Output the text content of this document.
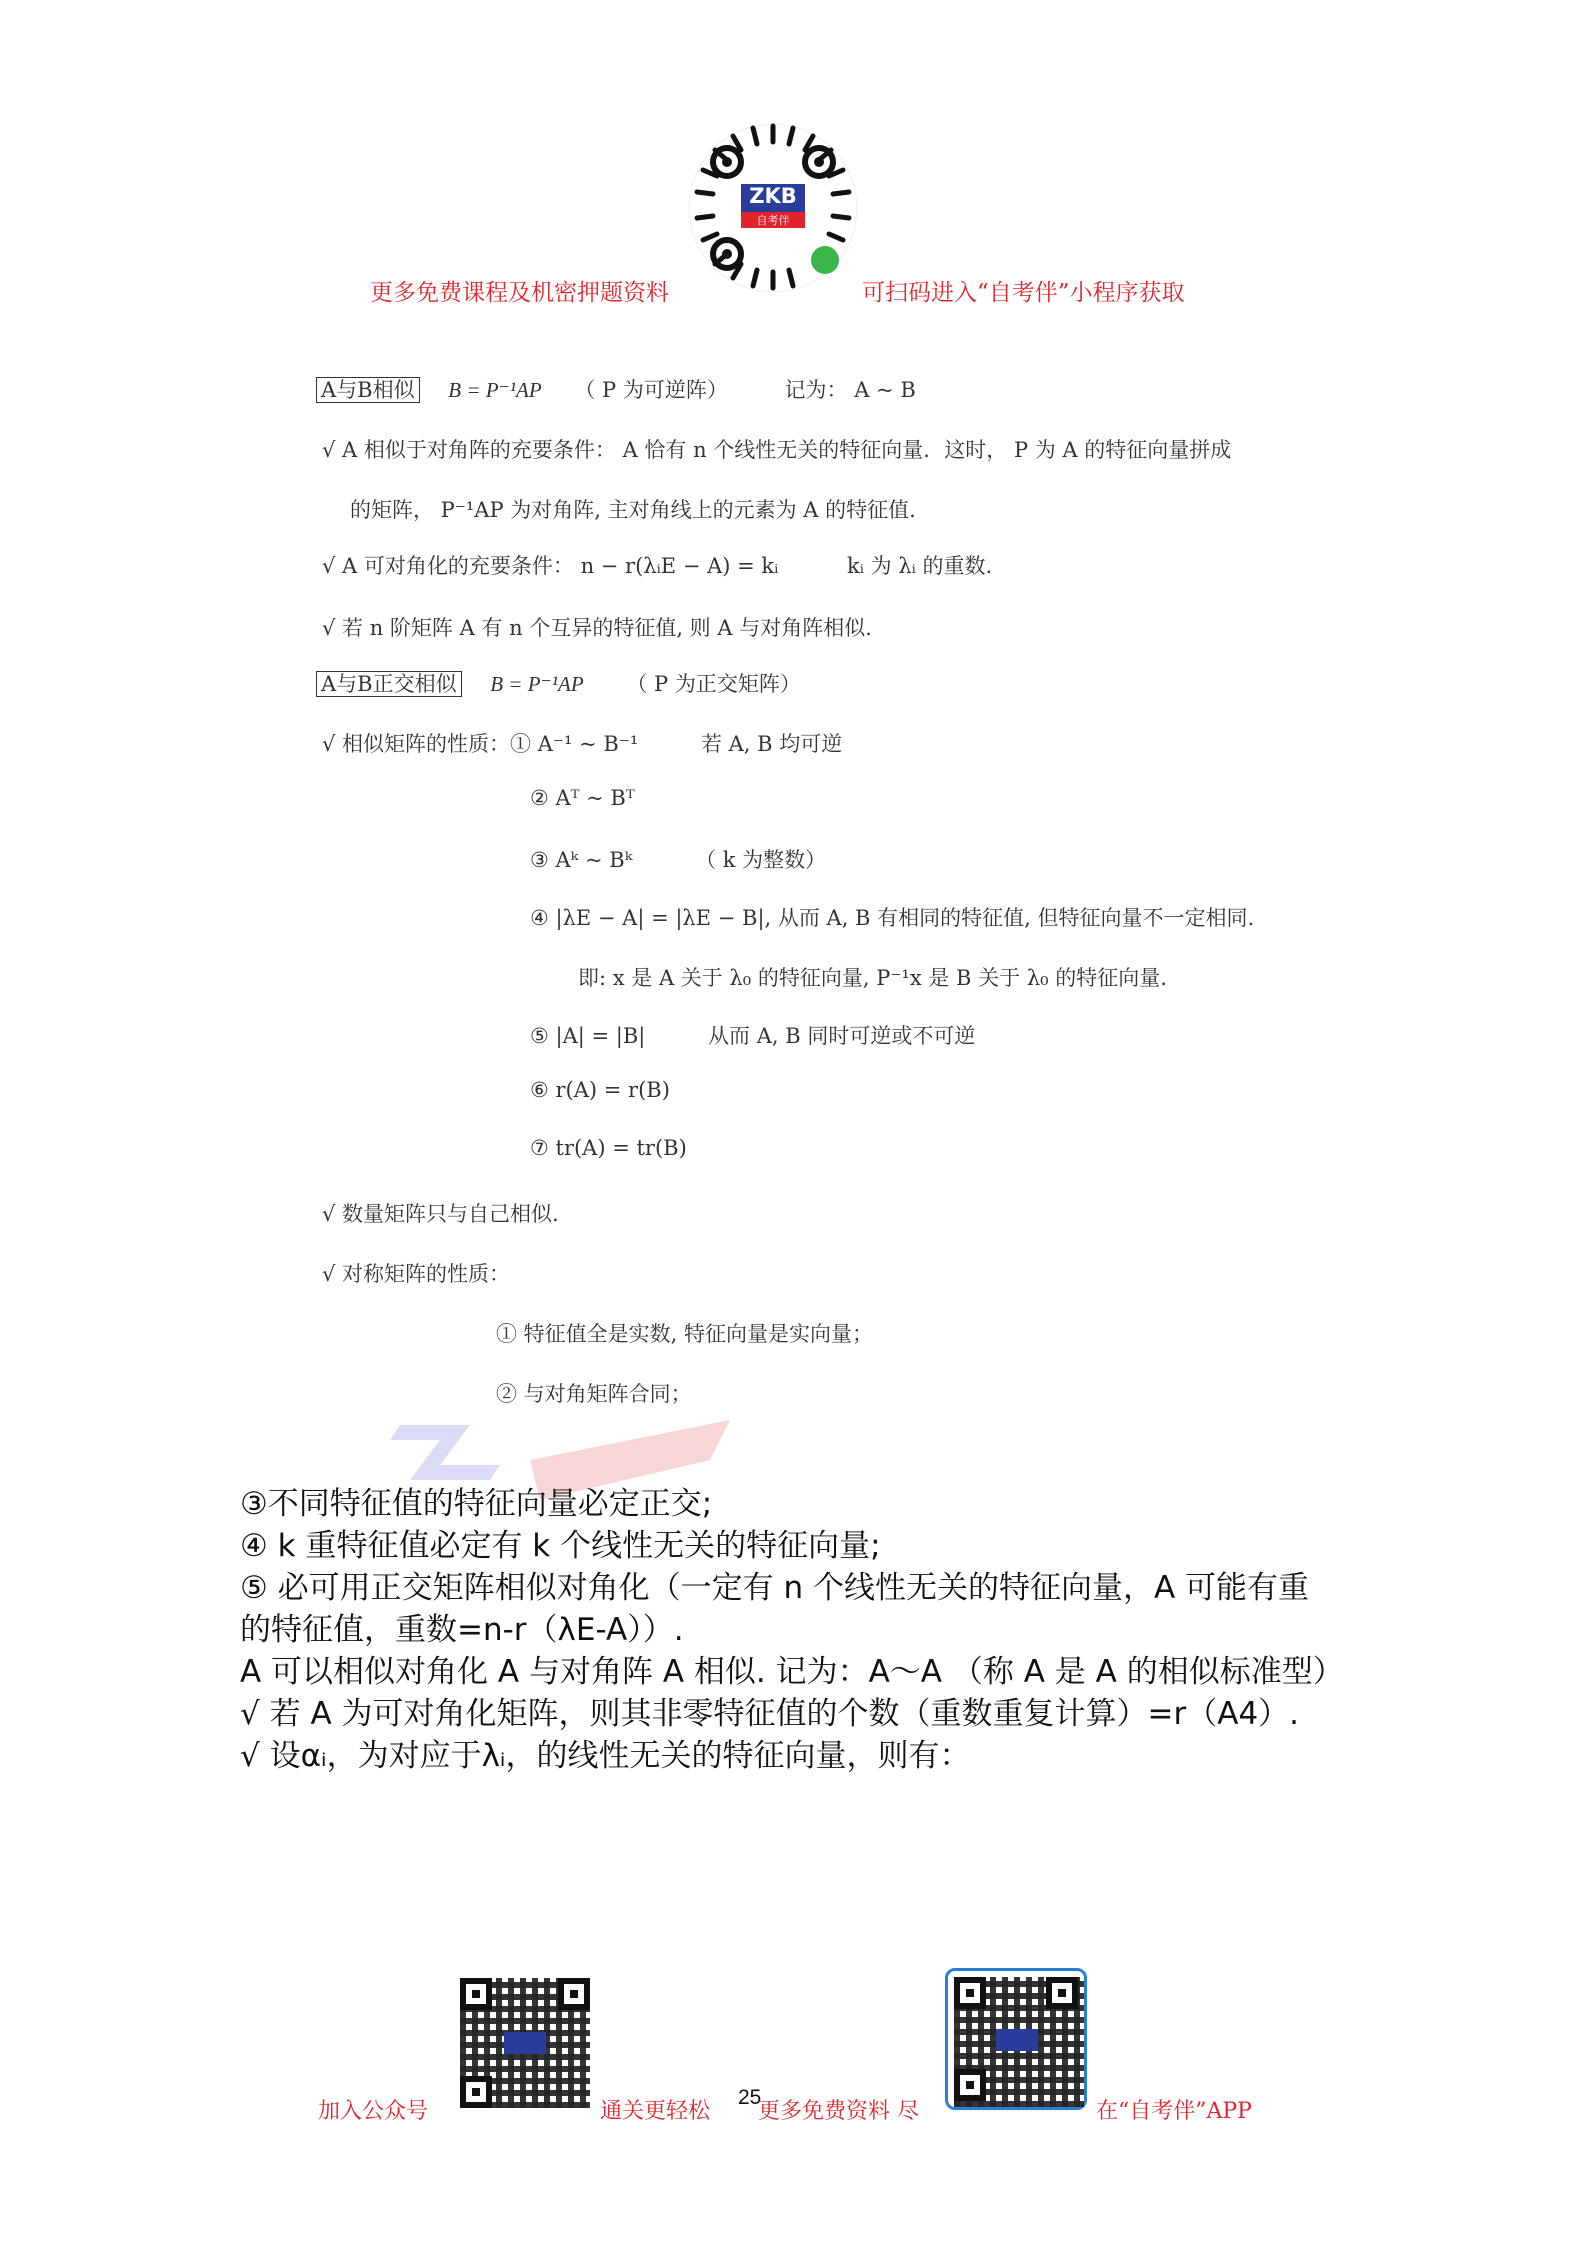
ZKB
自考伴
更多免费课程及机密押题资料	可扫码进入“自考伴”小程序获取
A与B相似 B = P⁻¹AP （ P 为可逆阵）	记为： A ~ B
√ A 相似于对角阵的充要条件： A 恰有 n 个线性无关的特征向量．这时， P 为 A 的特征向量拼成
的矩阵， P⁻¹AP 为对角阵, 主对角线上的元素为 A 的特征值.
√ A 可对角化的充要条件： n − r(λᵢE − A) = kᵢ	kᵢ 为 λᵢ 的重数.
√ 若 n 阶矩阵 A 有 n 个互异的特征值, 则 A 与对角阵相似.
A与B正交相似 B = P⁻¹AP （ P 为正交矩阵）
√ 相似矩阵的性质：① A⁻¹ ~ B⁻¹	若 A, B 均可逆
② Aᵀ ~ Bᵀ
③ Aᵏ ~ Bᵏ	（ k 为整数）
④ |λE − A| = |λE − B|, 从而 A, B 有相同的特征值, 但特征向量不一定相同.
即: x 是 A 关于 λ₀ 的特征向量, P⁻¹x 是 B 关于 λ₀ 的特征向量.
⑤ |A| = |B|	从而 A, B 同时可逆或不可逆
⑥ r(A) = r(B)
⑦ tr(A) = tr(B)
√ 数量矩阵只与自己相似.
√ 对称矩阵的性质：
① 特征值全是实数, 特征向量是实向量；
② 与对角矩阵合同；
③不同特征值的特征向量必定正交;
④ k 重特征值必定有 k 个线性无关的特征向量;
⑤ 必可用正交矩阵相似对角化（一定有 n 个线性无关的特征向量，A 可能有重
的特征值，重数=n-r（λE-A））.
A 可以相似对角化 A 与对角阵 A 相似. 记为：A～A （称 A 是 A 的相似标准型）
√ 若 A 为可对角化矩阵，则其非零特征值的个数（重数重复计算）=r（A4）.
√ 设αᵢ，为对应于λᵢ，的线性无关的特征向量，则有：
加入公众号	通关更轻松
25
更多免费资料 尽	在“自考伴”APP
